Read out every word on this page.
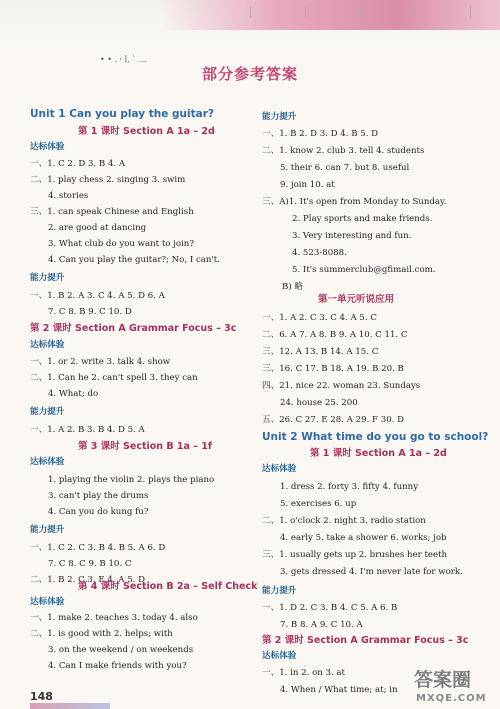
• • . ˒ l, ` ...
部分参考答案
Unit 1 Can you play the guitar?
第 1 课时 Section A 1a – 2d
达标体验
一、1. C 2. D 3. B 4. A
二、1. play chess 2. singing 3. swim
4. stories
三、1. can speak Chinese and English
2. are good at dancing
3. What club do you want to join?
4. Can you play the guitar?; No, I can't.
能力提升
一、1. B 2. A 3. C 4. A 5. D 6. A
7. C 8. B 9. C 10. D
第 2 课时 Section A Grammar Focus – 3c
达标体验
一、1. or 2. write 3. talk 4. show
二、1. Can he 2. can't spell 3. they can
4. What; do
能力提升
一、1. A 2. B 3. B 4. D 5. A
第 3 课时 Section B 1a – 1f
达标体验
1. playing the violin 2. plays the piano
3. can't play the drums
4. Can you do kung fu?
能力提升
一、1. C 2. C 3. B 4. B 5. A 6. D
7. C 8. C 9. B 10. C
二、1. B 2. C 3. E 4. A 5. D
第 4 课时 Section B 2a – Self Check
达标体验
一、1. make 2. teaches 3. today 4. also
二、1. is good with 2. helps; with
3. on the weekend / on weekends
4. Can I make friends with you?
能力提升
一、1. B 2. D 3. D 4. B 5. D
二、1. know 2. club 3. tell 4. students
5. their 6. can 7. but 8. useful
9. join 10. at
三、A)1. It's open from Monday to Sunday.
2. Play sports and make friends.
3. Very interesting and fun.
4. 523-8088.
5. It's summerclub@gfimail.com.
B) 略
第一单元听说应用
一、1. A 2. C 3. C 4. A 5. C
二、6. A 7. A 8. B 9. A 10. C 11. C
三、12. A 13. B 14. A 15. C
三、16. C 17. B 18. A 19. B 20. B
四、21. nice 22. woman 23. Sundays
24. house 25. 200
五、26. C 27. E 28. A 29. F 30. D
Unit 2 What time do you go to school?
第 1 课时 Section A 1a – 2d
达标体验
1. dress 2. forty 3. fifty 4. funny
5. exercises 6. up
二、1. o'clock 2. night 3. radio station
4. early 5. take a shower 6. works; job
三、1. usually gets up 2. brushes her teeth
3. gets dressed 4. I'm never late for work.
能力提升
一、1. D 2. C 3. B 4. C 5. A 6. B
7. B 8. A 9. C 10. A
第 2 课时 Section A Grammar Focus – 3c
达标体验
一、1. in 2. on 3. at
4. When / What time; at; in
148
答案圈
MXQE.COM
